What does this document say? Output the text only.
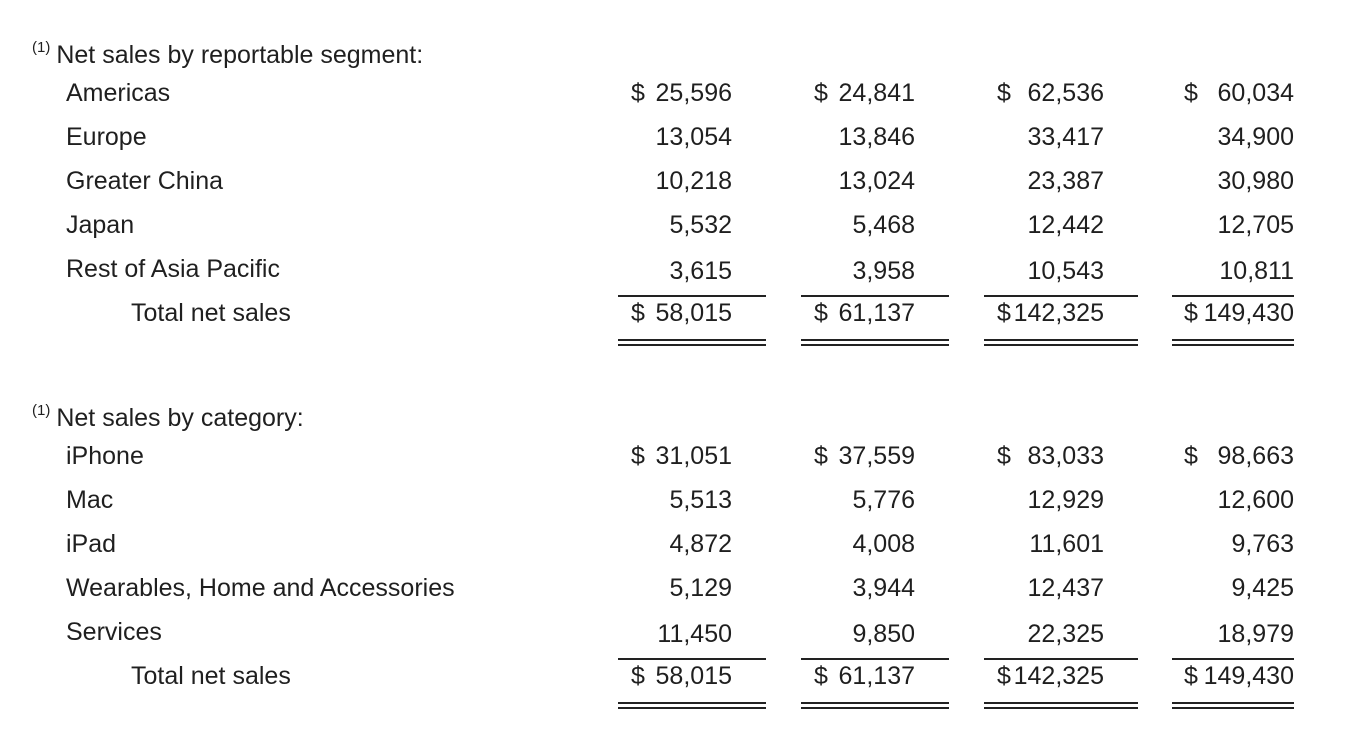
$^{(1)}$ Net sales by reportable segment:
Americas	$ 25,596	$ 24,841	$ 62,536	$ 60,034
Europe	13,054	13,846	33,417	34,900
Greater China	10,218	13,024	23,387	30,980
Japan	5,532	5,468	12,442	12,705
Rest of Asia Pacific	3,615	3,958	10,543	10,811
Total net sales	$ 58,015	$ 61,137	$ 142,325	$ 149,430
$^{(1)}$ Net sales by category:
iPhone	$ 31,051	$ 37,559	$ 83,033	$ 98,663
Mac	5,513	5,776	12,929	12,600
iPad	4,872	4,008	11,601	9,763
Wearables, Home and Accessories	5,129	3,944	12,437	9,425
Services	11,450	9,850	22,325	18,979
Total net sales	$ 58,015	$ 61,137	$ 142,325	$ 149,430
